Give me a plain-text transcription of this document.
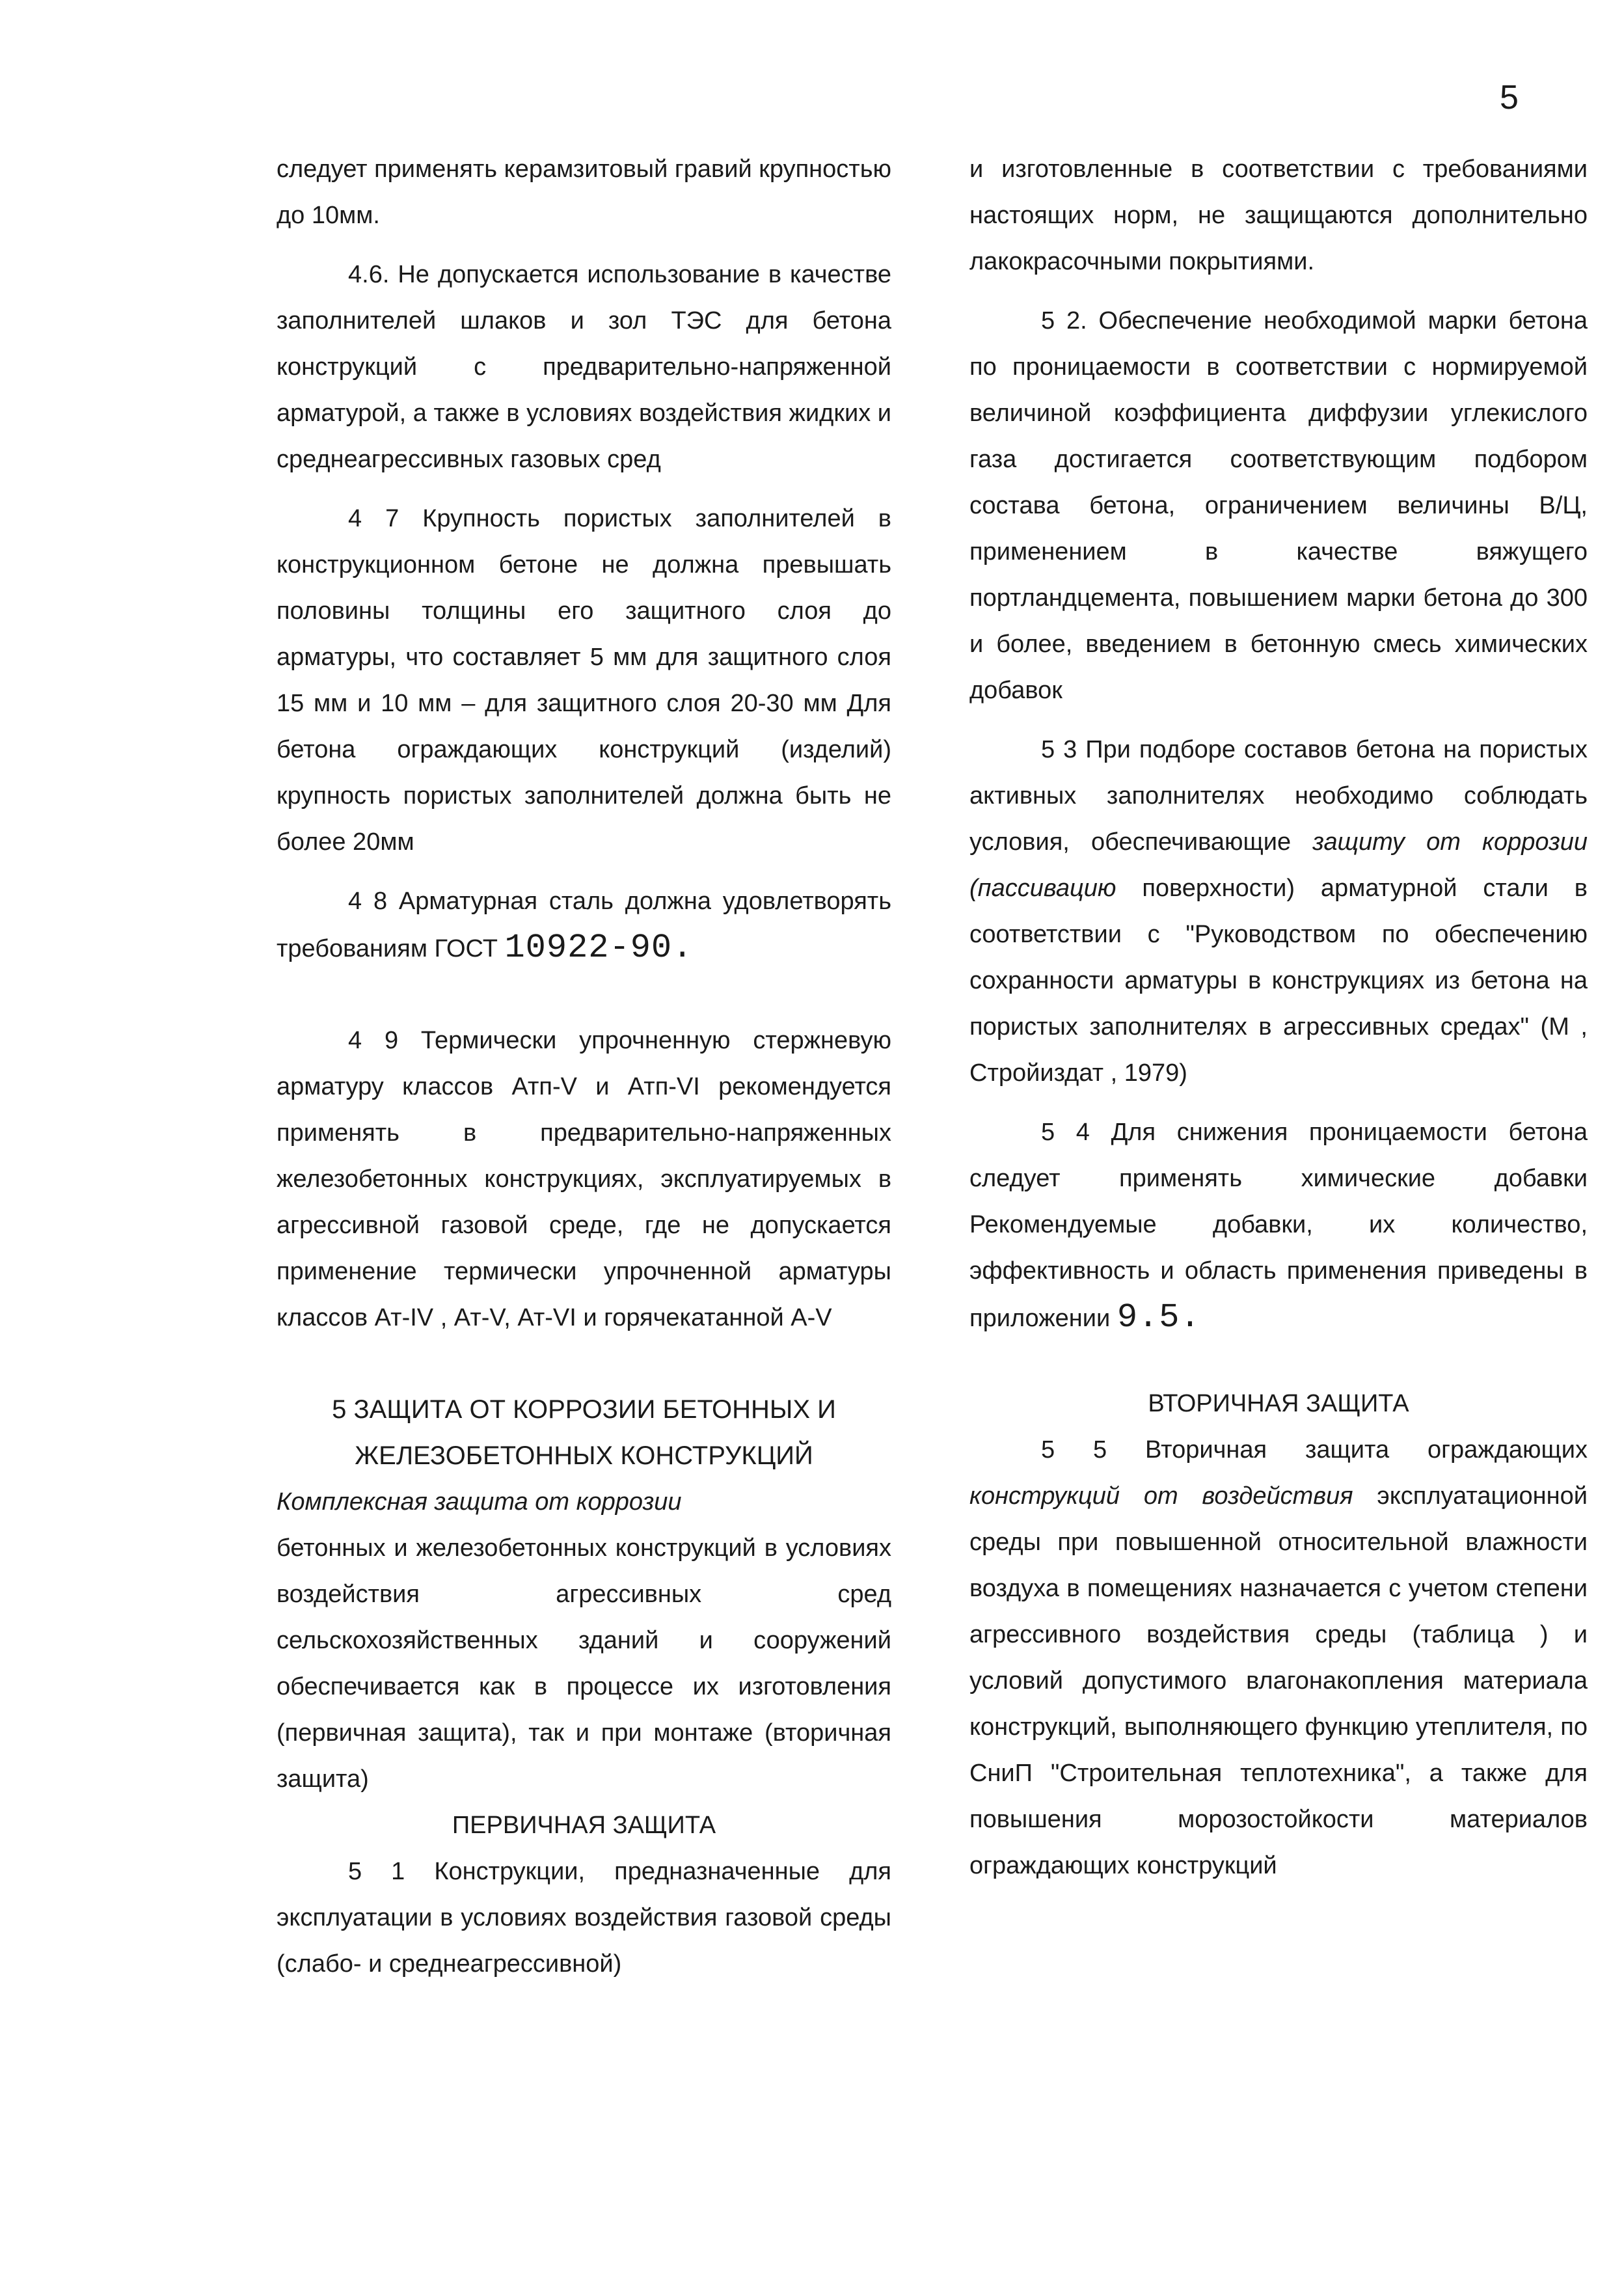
5

следует применять керамзитовый гравий крупностью до 10мм.

4.6. Не допускается использование в качестве заполнителей шлаков и зол ТЭС для бетона конструкций с предварительно-напряженной арматурой, а также в условиях воздействия жидких и среднеагрессивных газовых сред

4 7 Крупность пористых заполнителей в конструкционном бетоне не должна превышать половины толщины его защитного слоя до арматуры, что составляет 5 мм для защитного слоя 15 мм и 10 мм – для защитного слоя 20-30 мм Для бетона ограждающих конструкций (изделий) крупность пористых заполнителей должна быть не более 20мм

4 8 Арматурная сталь должна удовлетворять требованиям ГОСТ 10922-90.

4 9 Термически упрочненную стержневую арматуру классов Атп-V и Атп-VI рекомендуется применять в предварительно-напряженных железобетонных конструкциях, эксплуатируемых в агрессивной газовой среде, где не допускается применение термически упрочненной арматуры классов Ат-IV , Ат-V, Ат-VI и горячекатанной А-V

5 ЗАЩИТА ОТ КОРРОЗИИ БЕТОННЫХ И
ЖЕЛЕЗОБЕТОННЫХ КОНСТРУКЦИЙ

Комплексная защита от коррозии
бетонных и железобетонных конструкций в условиях воздействия агрессивных сред сельскохозяйственных зданий и сооружений обеспечивается как в процессе их изготовления (первичная защита), так и при монтаже (вторичная защита)

ПЕРВИЧНАЯ ЗАЩИТА

5 1 Конструкции, предназначенные для эксплуатации в условиях воздействия газовой среды (слабо- и среднеагрессивной)

и изготовленные в соответствии с требованиями настоящих норм, не защищаются дополнительно лакокрасочными покрытиями.

5 2. Обеспечение необходимой марки бетона по проницаемости в соответствии с нормируемой величиной коэффициента диффузии углекислого газа достигается соответствующим подбором состава бетона, ограничением величины В/Ц, применением в качестве вяжущего портландцемента, повышением марки бетона до 300 и более, введением в бетонную смесь химических добавок

5 3 При подборе составов бетона на пористых активных заполнителях необходимо соблюдать условия, обеспечивающие защиту от коррозии (пассивацию поверхности) арматурной стали в соответствии с "Руководством по обеспечению сохранности арматуры в конструкциях из бетона на пористых заполнителях в агрессивных средах" (М , Стройиздат , 1979)

5 4 Для снижения проницаемости бетона следует применять химические добавки Рекомендуемые добавки, их количество, эффективность и область применения приведены в приложении 9.5.

ВТОРИЧНАЯ ЗАЩИТА

5 5 Вторичная защита ограждающих конструкций от воздействия эксплуатационной среды при повышенной относительной влажности воздуха в помещениях назначается с учетом степени агрессивного воздействия среды (таблица ) и условий допустимого влагонакопления материала конструкций, выполняющего функцию утеплителя, по СниП "Строительная теплотехника", а также для повышения морозостойкости материалов ограждающих конструкций
